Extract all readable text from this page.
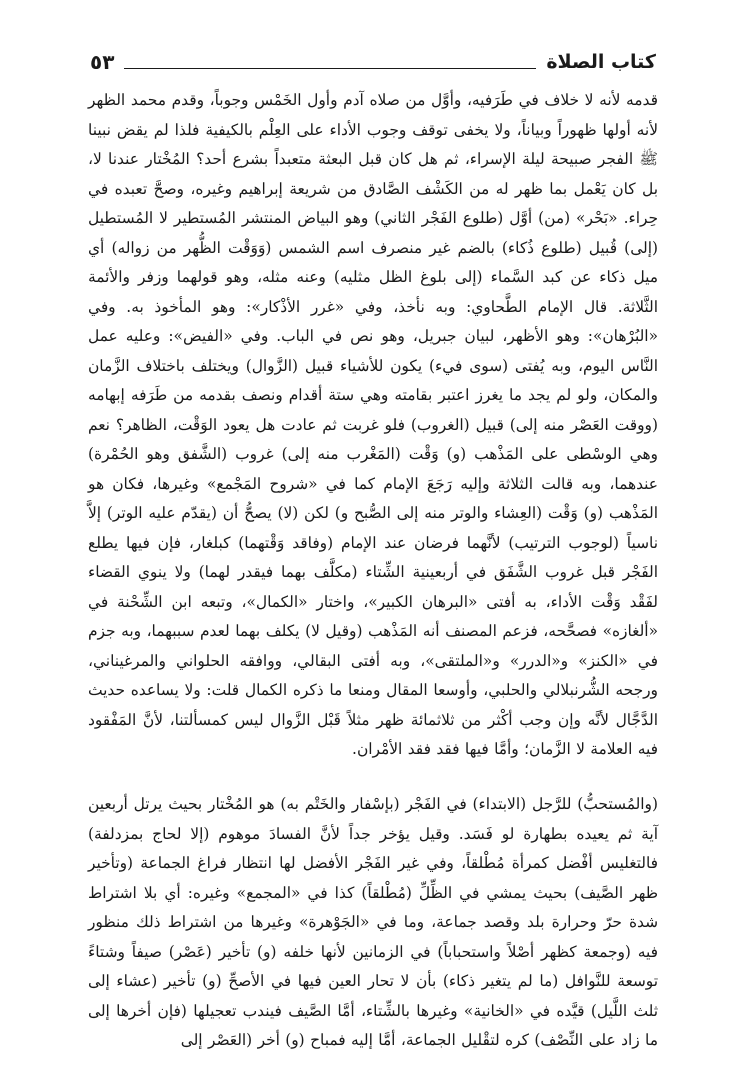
كتاب الصلاة
٥٣

قدمه لأنه لا خلاف في طَرَفيه، وأوَّل من صلاه آدم وأول الخَمْس وجوباً، وقدم محمد الظهر لأنه أولها ظهوراً وبياناً، ولا يخفى توقف وجوب الأداء على العِلْم بالكيفية فلذا لم يقض نبينا ﷺ الفجر صبيحة ليلة الإسراء، ثم هل كان قبل البعثة متعبداً بشرع أحد؟ المُخْتار عندنا لا، بل كان يَعْمل بما ظهر له من الكَشْف الصَّادق من شريعة إبراهيم وغيره، وصحَّ تعبده في حِراء. «بَحْر» (من) أوَّل (طلوع الفَجْر الثاني) وهو البياض المنتشر المُستطير لا المُستطيل (إلى) قُبيل (طلوع ذُكاء) بالضم غير منصرف اسم الشمس (وَوَقْت الظُّهر من زواله) أي ميل ذكاء عن كبد السَّماء (إلى بلوغ الظل مثليه) وعنه مثله، وهو قولهما وزفر والأئمة الثَّلاثة. قال الإمام الطَّحاوي: وبه نأخذ، وفي «غرر الأذْكار»: وهو المأخوذ به. وفي «البُرْهان»: وهو الأظهر، لبيان جبريل، وهو نص في الباب. وفي «الفيض»: وعليه عمل النَّاس اليوم، وبه يُفتى (سوى فيء) يكون للأشياء قبيل (الزَّوال) ويختلف باختلاف الزَّمان والمكان، ولو لم يجد ما يغرز اعتبر بقامته وهي ستة أقدام ونصف بقدمه من طَرَفه إبهامه (ووقت العَصْر منه إلى) قبيل (الغروب) فلو غربت ثم عادت هل يعود الوَقْت، الظاهر؟ نعم وهي الوسْطى على المَذْهب (و) وَقْت (المَغْرب منه إلى) غروب (الشَّفق وهو الحُمْرة) عندهما، وبه قالت الثلاثة وإليه رَجَعَ الإمام كما في «شروح المَجْمع» وغيرها، فكان هو المَذْهب (و) وَقْت (العِشاء والوتر منه إلى الصُّبح و) لكن (لا) يصحُّ أن (يقدّم عليه الوتر) إلاَّ ناسياً (لوجوب الترتيب) لأنَّهما فرضان عند الإمام (وفاقد وَقْتهما) كبلغار، فإن فيها يطلع الفَجْر قبل غروب الشَّفَق في أربعينية الشِّتاء (مكلَّف بهما فيقدر لهما) ولا ينوي القضاء لفَقْد وَقْت الأداء، به أفتى «البرهان الكبير»، واختار «الكمال»، وتبعه ابن الشِّحْنة في «ألغازه» فصحَّحه، فزعم المصنف أنه المَذْهب (وقيل لا) يكلف بهما لعدم سببهما، وبه جزم في «الكنز» و«الدرر» و«الملتقى»، وبه أفتى البقالي، ووافقه الحلواني والمرغيناني، ورجحه الشُّرنبلالي والحلبي، وأوسعا المقال ومنعا ما ذكره الكمال قلت: ولا يساعده حديث الدَّجَّال لأنَّه وإن وجب أكْثر من ثلاثمائة ظهر مثلاً قَبْل الزَّوال ليس كمسألتنا، لأنَّ المَفْقود فيه العلامة لا الزَّمان؛ وأمَّا فيها فقد فقد الأمْران.

(والمُستحبُّ) للرَّجل (الابتداء) في الفَجْر (بإسْفار والخَتْم به) هو المُخْتار بحيث يرتل أربعين آية ثم يعيده بطهارة لو فَسَد. وقيل يؤخر جداً لأنَّ الفسادَ موهوم (إلا لحاج بمزدلفة) فالتغليس أفْضل كمرأة مُطْلقاً، وفي غير الفَجْر الأفضل لها انتظار فراغ الجماعة (وتأخير ظهر الصَّيف) بحيث يمشي في الظِّلِّ (مُطْلقاً) كذا في «المجمع» وغيره: أي بلا اشتراط شدة حرّ وحرارة بلد وقصد جماعة، وما في «الجَوْهرة» وغيرها من اشتراط ذلك منظور فيه (وجمعة كظهر أصْلاً واستحباباً) في الزمانين لأنها خلفه (و) تأخير (عَصْر) صيفاً وشتاءً توسعة للنَّوافل (ما لم يتغير ذكاء) بأن لا تحار العين فيها في الأصحِّ (و) تأخير (عشاء إلى ثلث اللَّيل) قيَّده في «الخانية» وغيرها بالشِّتاء، أمَّا الصَّيف فيندب تعجيلها (فإن أخرها إلى ما زاد على النِّصْف) كره لتقْليل الجماعة، أمَّا إليه فمباح (و) أخر (العَصْر إلى
